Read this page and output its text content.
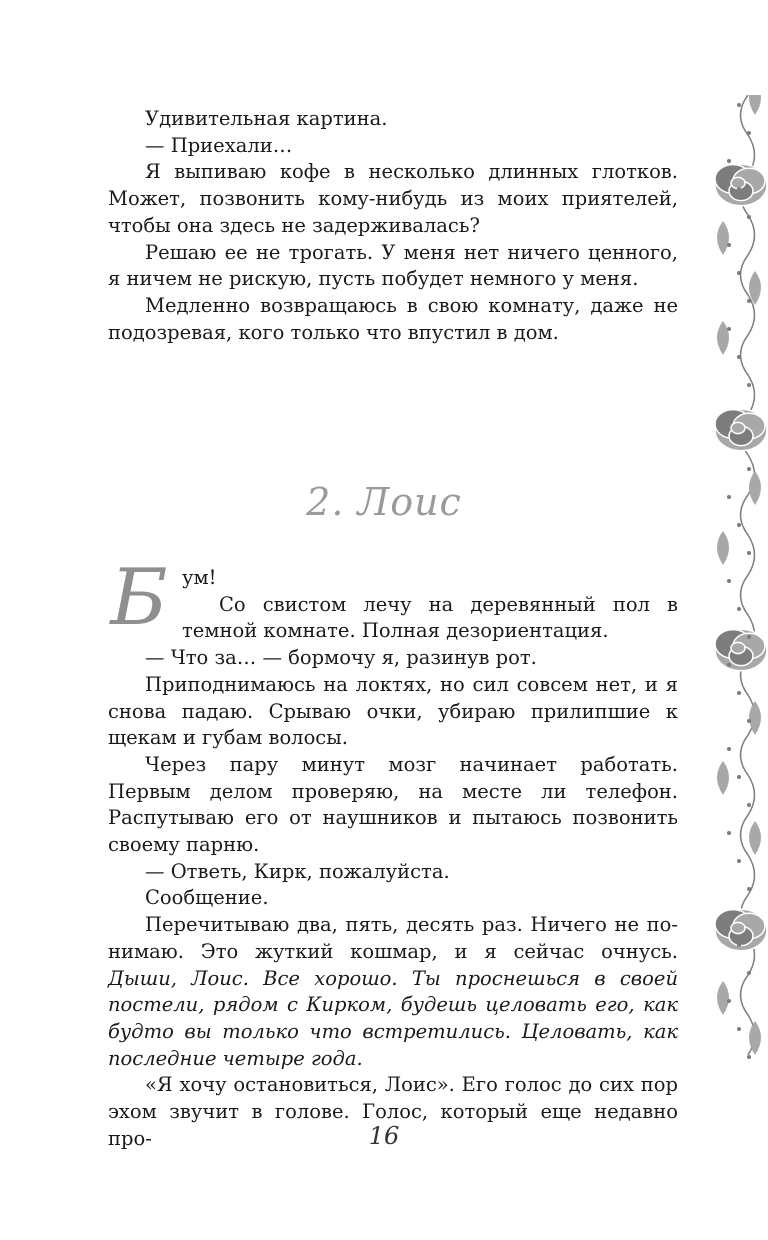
Удивительная картина.

— Приехали…

Я выпиваю кофе в несколько длинных глотков. Может, позвонить кому-нибудь из моих приятелей, чтобы она здесь не задерживалась?

Решаю ее не трогать. У меня нет ничего ценного, я ничем не рискую, пусть побудет немного у меня.

Медленно возвращаюсь в свою комнату, даже не подозревая, кого только что впустил в дом.

2. Лоис
Б ум!

Со свистом лечу на деревянный пол в темной комнате. Полная дезориентация.

— Что за… — бормочу я, разинув рот.

Приподнимаюсь на локтях, но сил совсем нет, и я снова падаю. Срываю очки, убираю прилипшие к щекам и губам волосы.

Через пару минут мозг начинает работать. Первым делом проверяю, на месте ли телефон. Распутываю его от наушников и пытаюсь позвонить своему парню.

— Ответь, Кирк, пожалуйста.

Сообщение.

Перечитываю два, пять, десять раз. Ничего не понимаю. Это жуткий кошмар, и я сейчас очнусь. Дыши, Лоис. Все хорошо. Ты проснешься в своей постели, рядом с Кирком, будешь целовать его, как будто вы только что встретились. Целовать, как последние четыре года.

«Я хочу остановиться, Лоис». Его голос до сих пор эхом звучит в голове. Голос, который еще недавно про-	16
